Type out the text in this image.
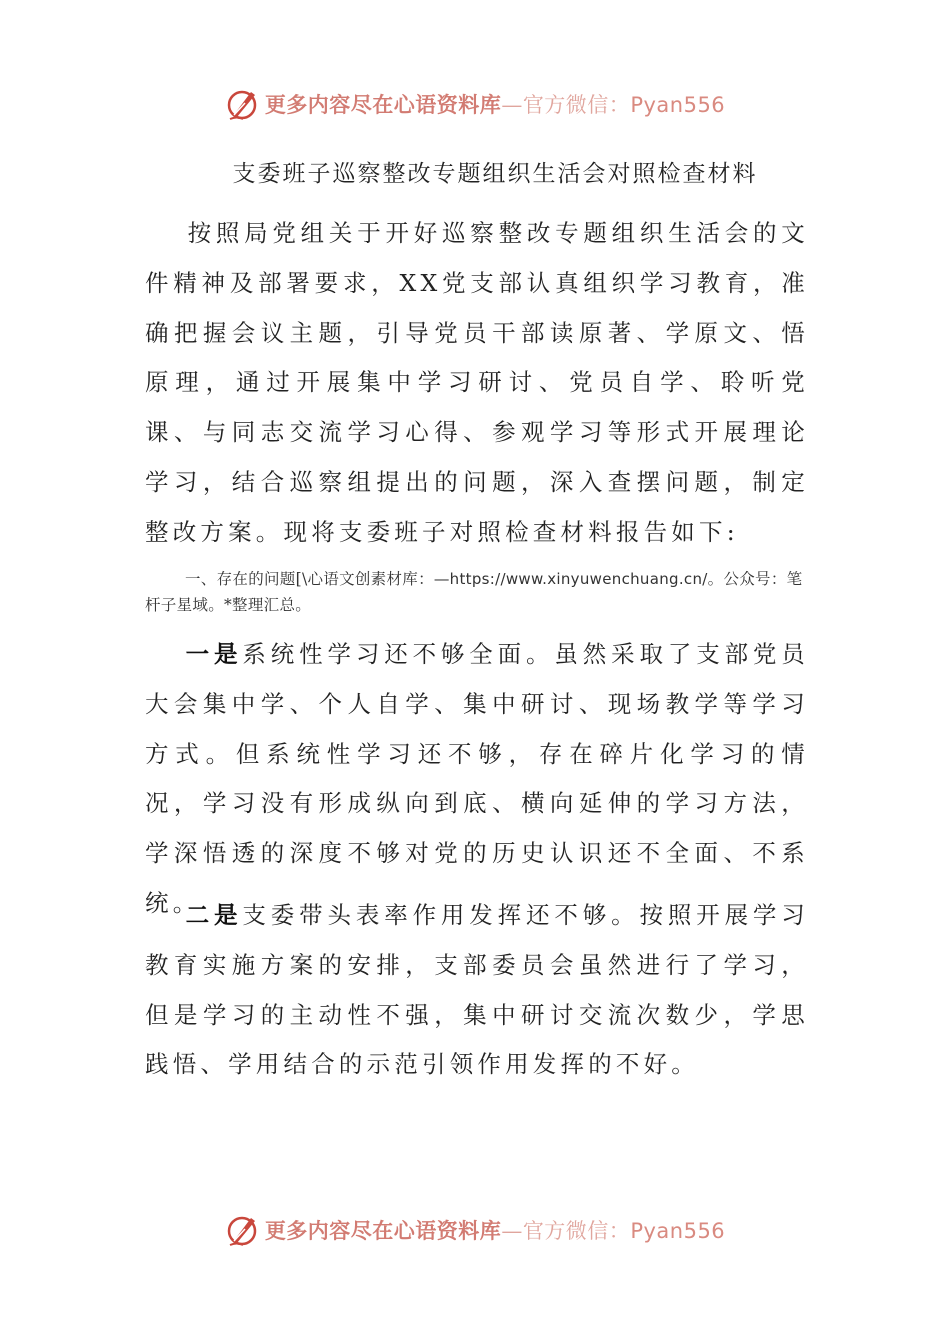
更多内容尽在心语资料库—官方微信：Pyan556
支委班子巡察整改专题组织生活会对照检查材料
按照局党组关于开好巡察整改专题组织生活会的文件精神及部署要求，XX党支部认真组织学习教育，准确把握会议主题，引导党员干部读原著、学原文、悟原理，通过开展集中学习研讨、党员自学、聆听党课、与同志交流学习心得、参观学习等形式开展理论学习，结合巡察组提出的问题，深入查摆问题，制定整改方案。现将支委班子对照检查材料报告如下:
一、存在的问题[\心语文创素材库：—https://www.xinyuwenchuang.cn/。公众号：笔杆子星域。*整理汇总。
一是系统性学习还不够全面。虽然采取了支部党员大会集中学、个人自学、集中研讨、现场教学等学习方式。但系统性学习还不够，存在碎片化学习的情况，学习没有形成纵向到底、横向延伸的学习方法，学深悟透的深度不够对党的历史认识还不全面、不系统。
二是支委带头表率作用发挥还不够。按照开展学习教育实施方案的安排，支部委员会虽然进行了学习，但是学习的主动性不强，集中研讨交流次数少，学思践悟、学用结合的示范引领作用发挥的不好。
更多内容尽在心语资料库—官方微信：Pyan556
